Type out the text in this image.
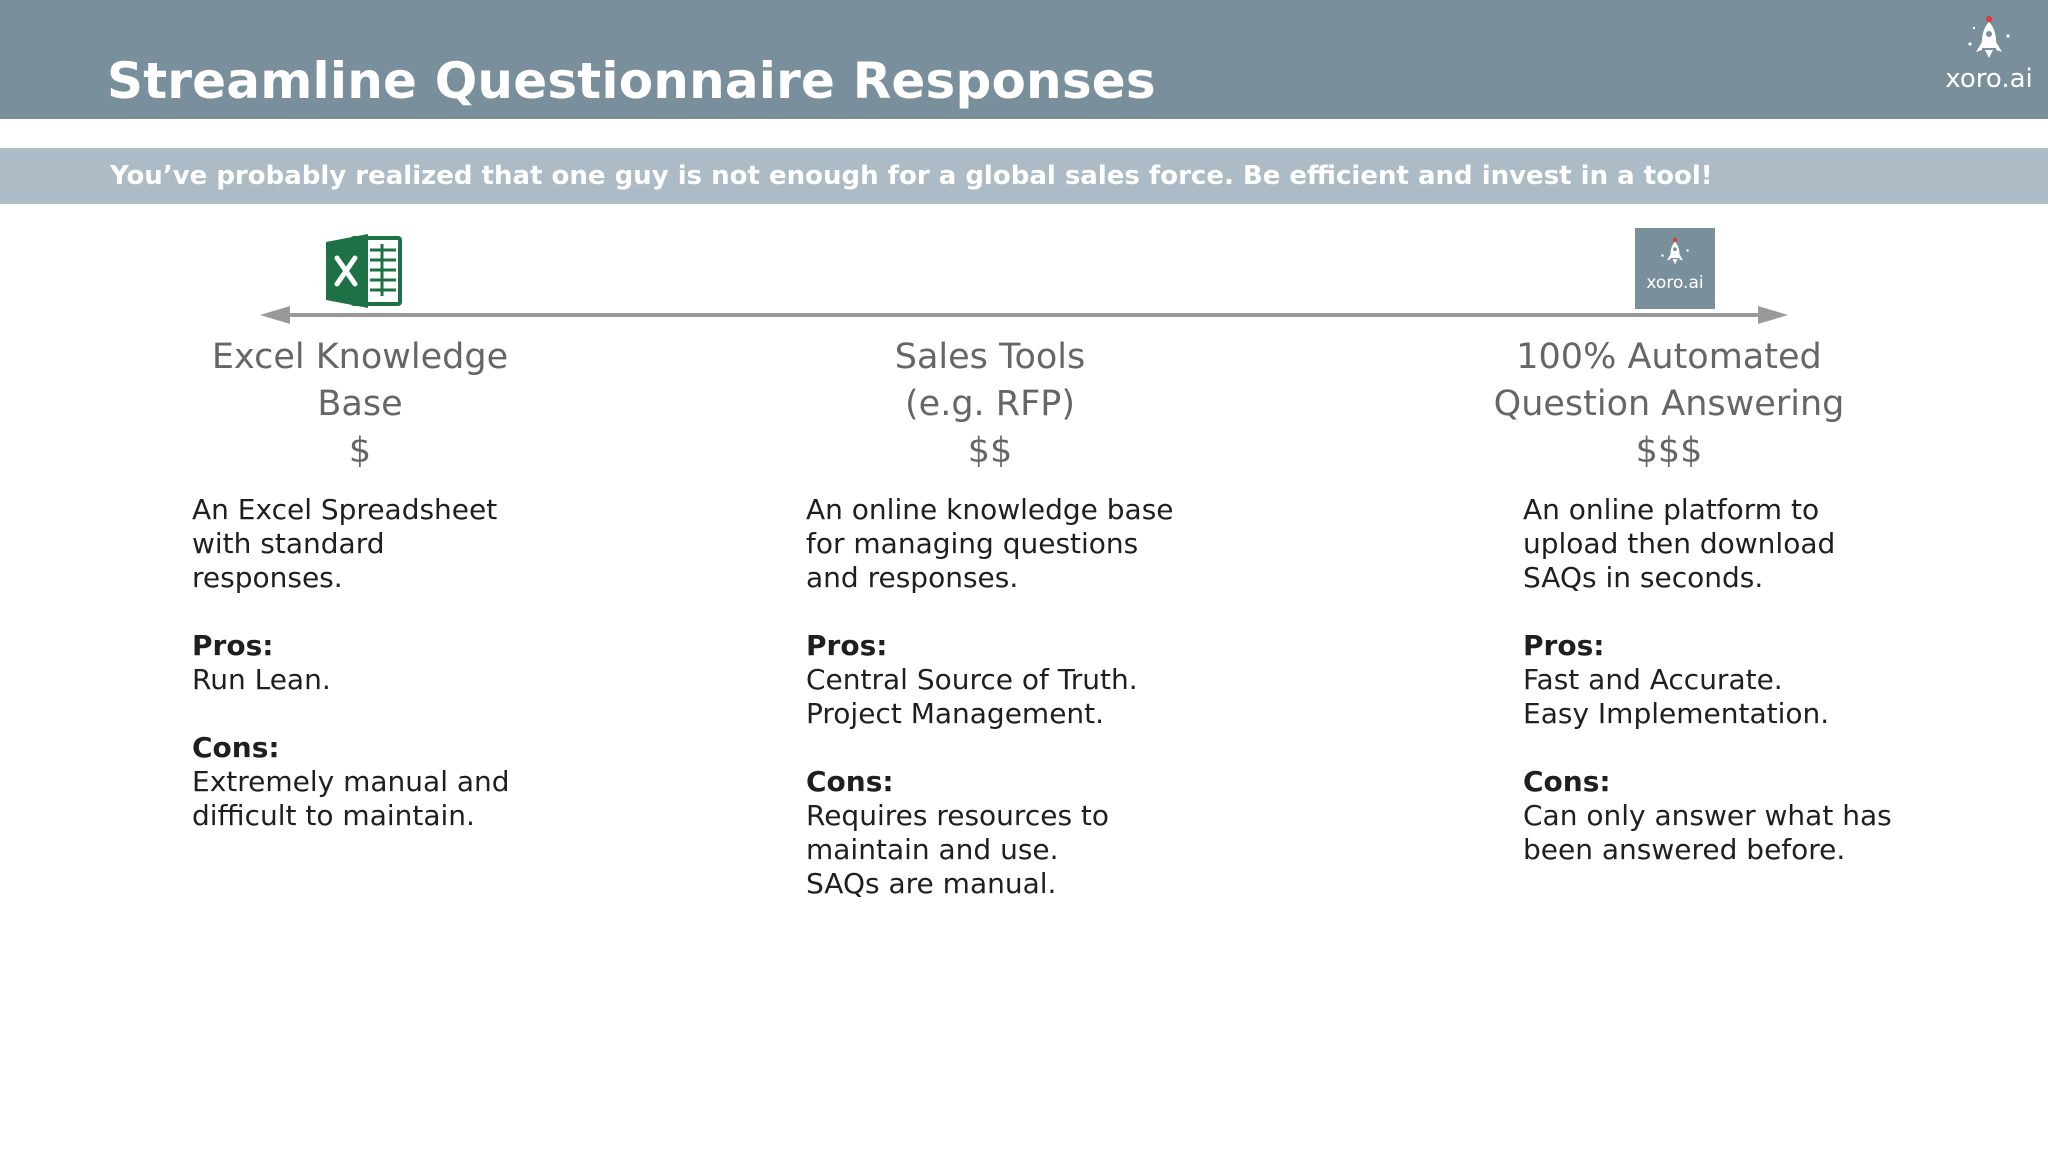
Streamline Questionnaire Responses	xoro.ai
You’ve probably realized that one guy is not enough for a global sales force. Be efficient and invest in a tool!
xoro.ai
Excel Knowledge
Base
$
An Excel Spreadsheet
with standard
responses.
Pros:
Run Lean.
Cons:
Extremely manual and
difficult to maintain.
Sales Tools
(e.g. RFP)
$$
An online knowledge base
for managing questions
and responses.
Pros:
Central Source of Truth.
Project Management.
Cons:
Requires resources to
maintain and use.
SAQs are manual.
100% Automated
Question Answering
$$$
An online platform to
upload then download
SAQs in seconds.
Pros:
Fast and Accurate.
Easy Implementation.
Cons:
Can only answer what has
been answered before.
